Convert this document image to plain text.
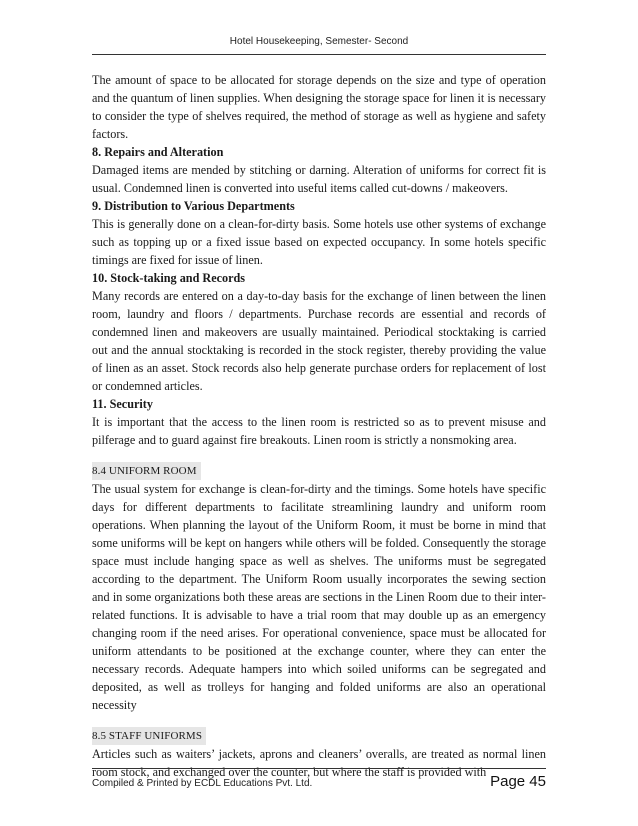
Hotel Housekeeping, Semester- Second

The amount of space to be allocated for storage depends on the size and type of operation and the quantum of linen supplies. When designing the storage space for linen it is necessary to consider the type of shelves required, the method of storage as well as hygiene and safety factors.

8. Repairs and Alteration

Damaged items are mended by stitching or darning. Alteration of uniforms for correct fit is usual. Condemned linen is converted into useful items called cut-downs / makeovers.

9. Distribution to Various Departments

This is generally done on a clean-for-dirty basis. Some hotels use other systems of exchange such as topping up or a fixed issue based on expected occupancy. In some hotels specific timings are fixed for issue of linen.

10. Stock-taking and Records

Many records are entered on a day-to-day basis for the exchange of linen between the linen room, laundry and floors / departments. Purchase records are essential and records of condemned linen and makeovers are usually maintained. Periodical stocktaking is carried out and the annual stocktaking is recorded in the stock register, thereby providing the value of linen as an asset. Stock records also help generate purchase orders for replacement of lost or condemned articles.

11. Security

It is important that the access to the linen room is restricted so as to prevent misuse and pilferage and to guard against fire breakouts. Linen room is strictly a nonsmoking area.

8.4 UNIFORM ROOM

The usual system for exchange is clean-for-dirty and the timings. Some hotels have specific days for different departments to facilitate streamlining laundry and uniform room operations. When planning the layout of the Uniform Room, it must be borne in mind that some uniforms will be kept on hangers while others will be folded. Consequently the storage space must include hanging space as well as shelves. The uniforms must be segregated according to the department. The Uniform Room usually incorporates the sewing section and in some organizations both these areas are sections in the Linen Room due to their inter-related functions. It is advisable to have a trial room that may double up as an emergency changing room if the need arises. For operational convenience, space must be allocated for uniform attendants to be positioned at the exchange counter, where they can enter the necessary records. Adequate hampers into which soiled uniforms can be segregated and deposited, as well as trolleys for hanging and folded uniforms are also an operational necessity

8.5 STAFF UNIFORMS

Articles such as waiters’ jackets, aprons and cleaners’ overalls, are treated as normal linen room stock, and exchanged over the counter, but where the staff is provided with

Compiled & Printed by ECDL Educations Pvt. Ltd.	Page 45
